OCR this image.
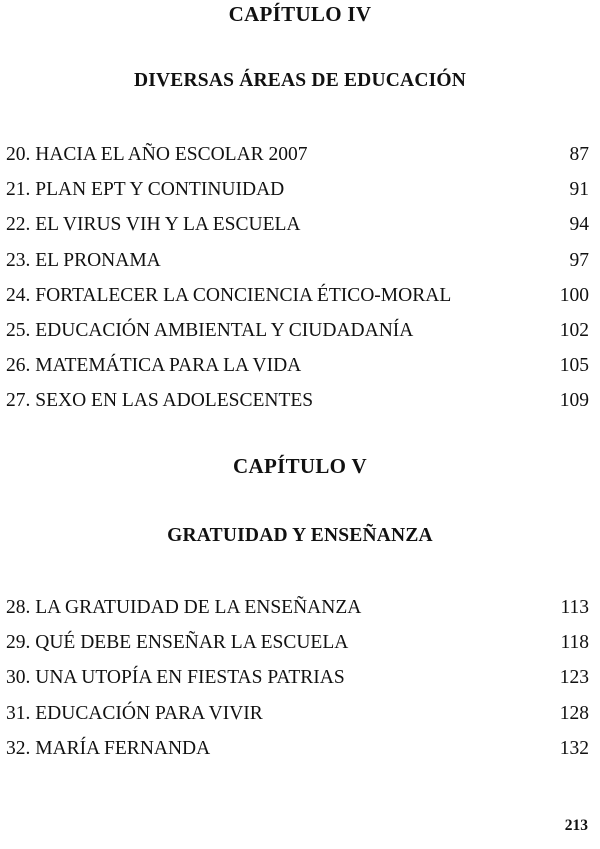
CAPÍTULO IV
DIVERSAS ÁREAS DE EDUCACIÓN
20. HACIA EL AÑO ESCOLAR 2007	87
21. PLAN EPT Y CONTINUIDAD	91
22. EL VIRUS VIH Y LA ESCUELA	94
23. EL PRONAMA	97
24. FORTALECER LA CONCIENCIA ÉTICO-MORAL	100
25. EDUCACIÓN AMBIENTAL Y CIUDADANÍA	102
26. MATEMÁTICA PARA LA VIDA	105
27. SEXO EN LAS ADOLESCENTES	109
CAPÍTULO V
GRATUIDAD Y ENSEÑANZA
28. LA GRATUIDAD DE LA ENSEÑANZA	113
29. QUÉ DEBE ENSEÑAR LA ESCUELA	118
30. UNA UTOPÍA EN FIESTAS PATRIAS	123
31. EDUCACIÓN PARA VIVIR	128
32. MARÍA FERNANDA	132
213
